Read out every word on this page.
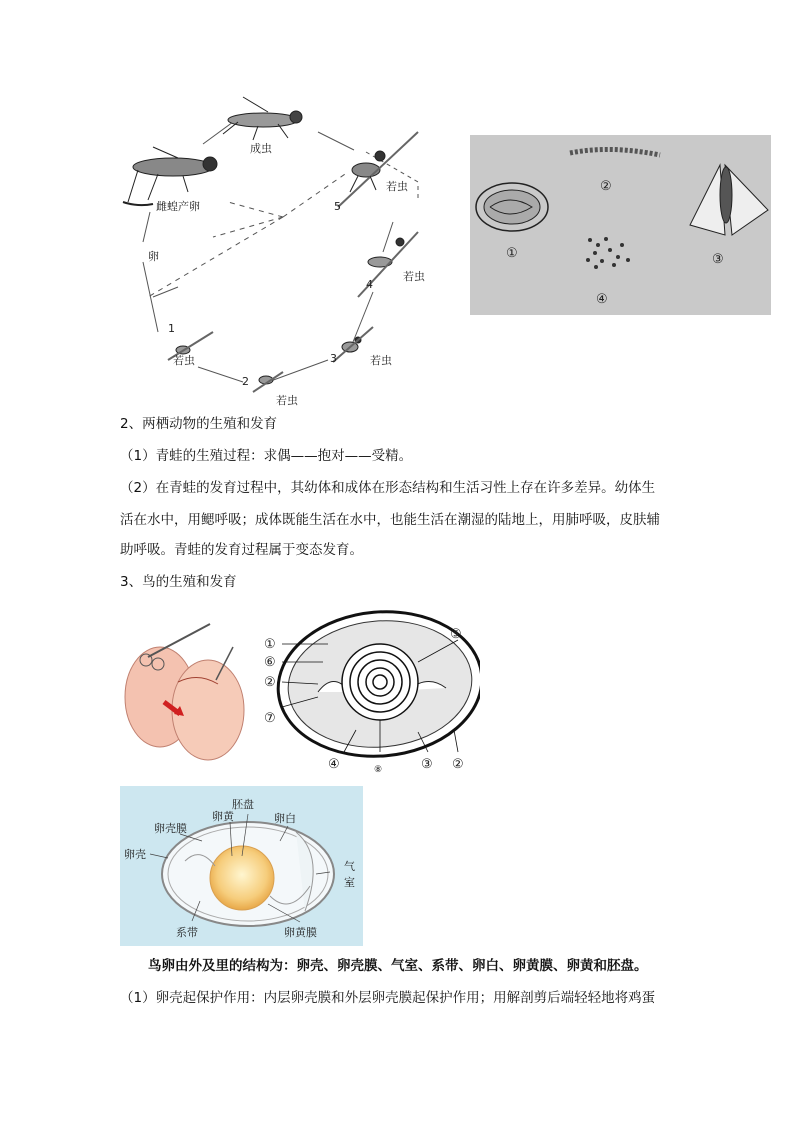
成虫
雌蝗产卵
卵
若虫
若虫
若虫
若虫
若虫
1
2
3
4
5
①
②
③
④
2、两栖动物的生殖和发育
（1）青蛙的生殖过程：求偶——抱对——受精。
（2）在青蛙的发育过程中，其幼体和成体在形态结构和生活习性上存在许多差异。幼体生
活在水中，用鳃呼吸；成体既能生活在水中，也能生活在潮湿的陆地上，用肺呼吸，皮肤辅
助呼吸。青蛙的发育过程属于变态发育。
3、鸟的生殖和发育
①
⑥
②
⑦
⑤
④	⑧	③ ②
胚盘
卵黄	卵白
卵壳膜
卵壳
气
室
系带	卵黄膜
鸟卵由外及里的结构为：卵壳、卵壳膜、气室、系带、卵白、卵黄膜、卵黄和胚盘。
（1）卵壳起保护作用：内层卵壳膜和外层卵壳膜起保护作用；用解剖剪后端轻轻地将鸡蛋
